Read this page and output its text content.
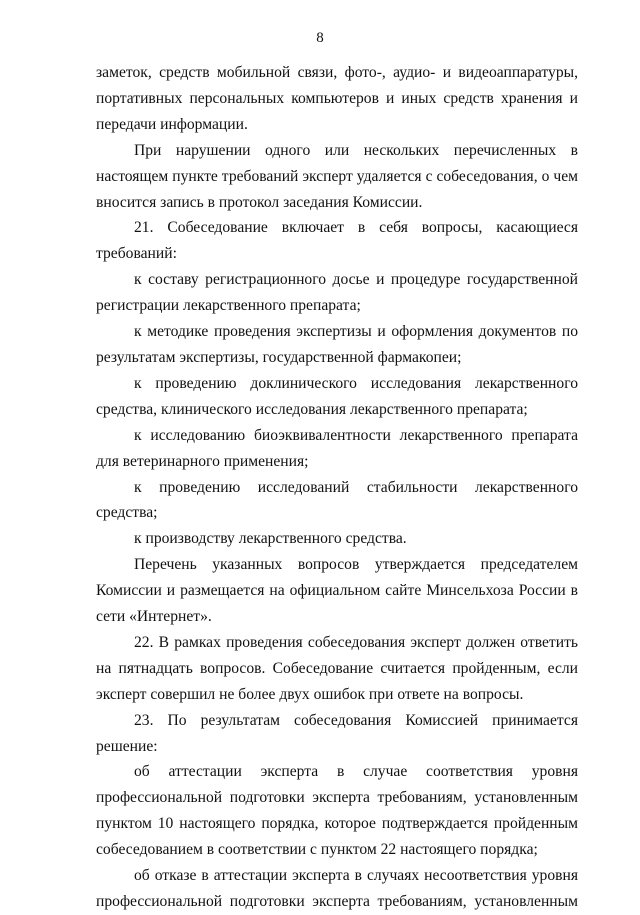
8

заметок, средств мобильной связи, фото-, аудио- и видеоаппаратуры, портативных персональных компьютеров и иных средств хранения и передачи информации.

При нарушении одного или нескольких перечисленных в настоящем пункте требований эксперт удаляется с собеседования, о чем вносится запись в протокол заседания Комиссии.

21. Собеседование включает в себя вопросы, касающиеся требований:

к составу регистрационного досье и процедуре государственной регистрации лекарственного препарата;

к методике проведения экспертизы и оформления документов по результатам экспертизы, государственной фармакопеи;

к проведению доклинического исследования лекарственного средства, клинического исследования лекарственного препарата;

к исследованию биоэквивалентности лекарственного препарата для ветеринарного применения;

к проведению исследований стабильности лекарственного средства;

к производству лекарственного средства.

Перечень указанных вопросов утверждается председателем Комиссии и размещается на официальном сайте Минсельхоза России в сети «Интернет».

22. В рамках проведения собеседования эксперт должен ответить на пятнадцать вопросов. Собеседование считается пройденным, если эксперт совершил не более двух ошибок при ответе на вопросы.

23. По результатам собеседования Комиссией принимается решение:

об аттестации эксперта в случае соответствия уровня профессиональной подготовки эксперта требованиям, установленным пунктом 10 настоящего порядка, которое подтверждается пройденным собеседованием в соответствии с пунктом 22 настоящего порядка;

об отказе в аттестации эксперта в случаях несоответствия уровня профессиональной подготовки эксперта требованиям, установленным
